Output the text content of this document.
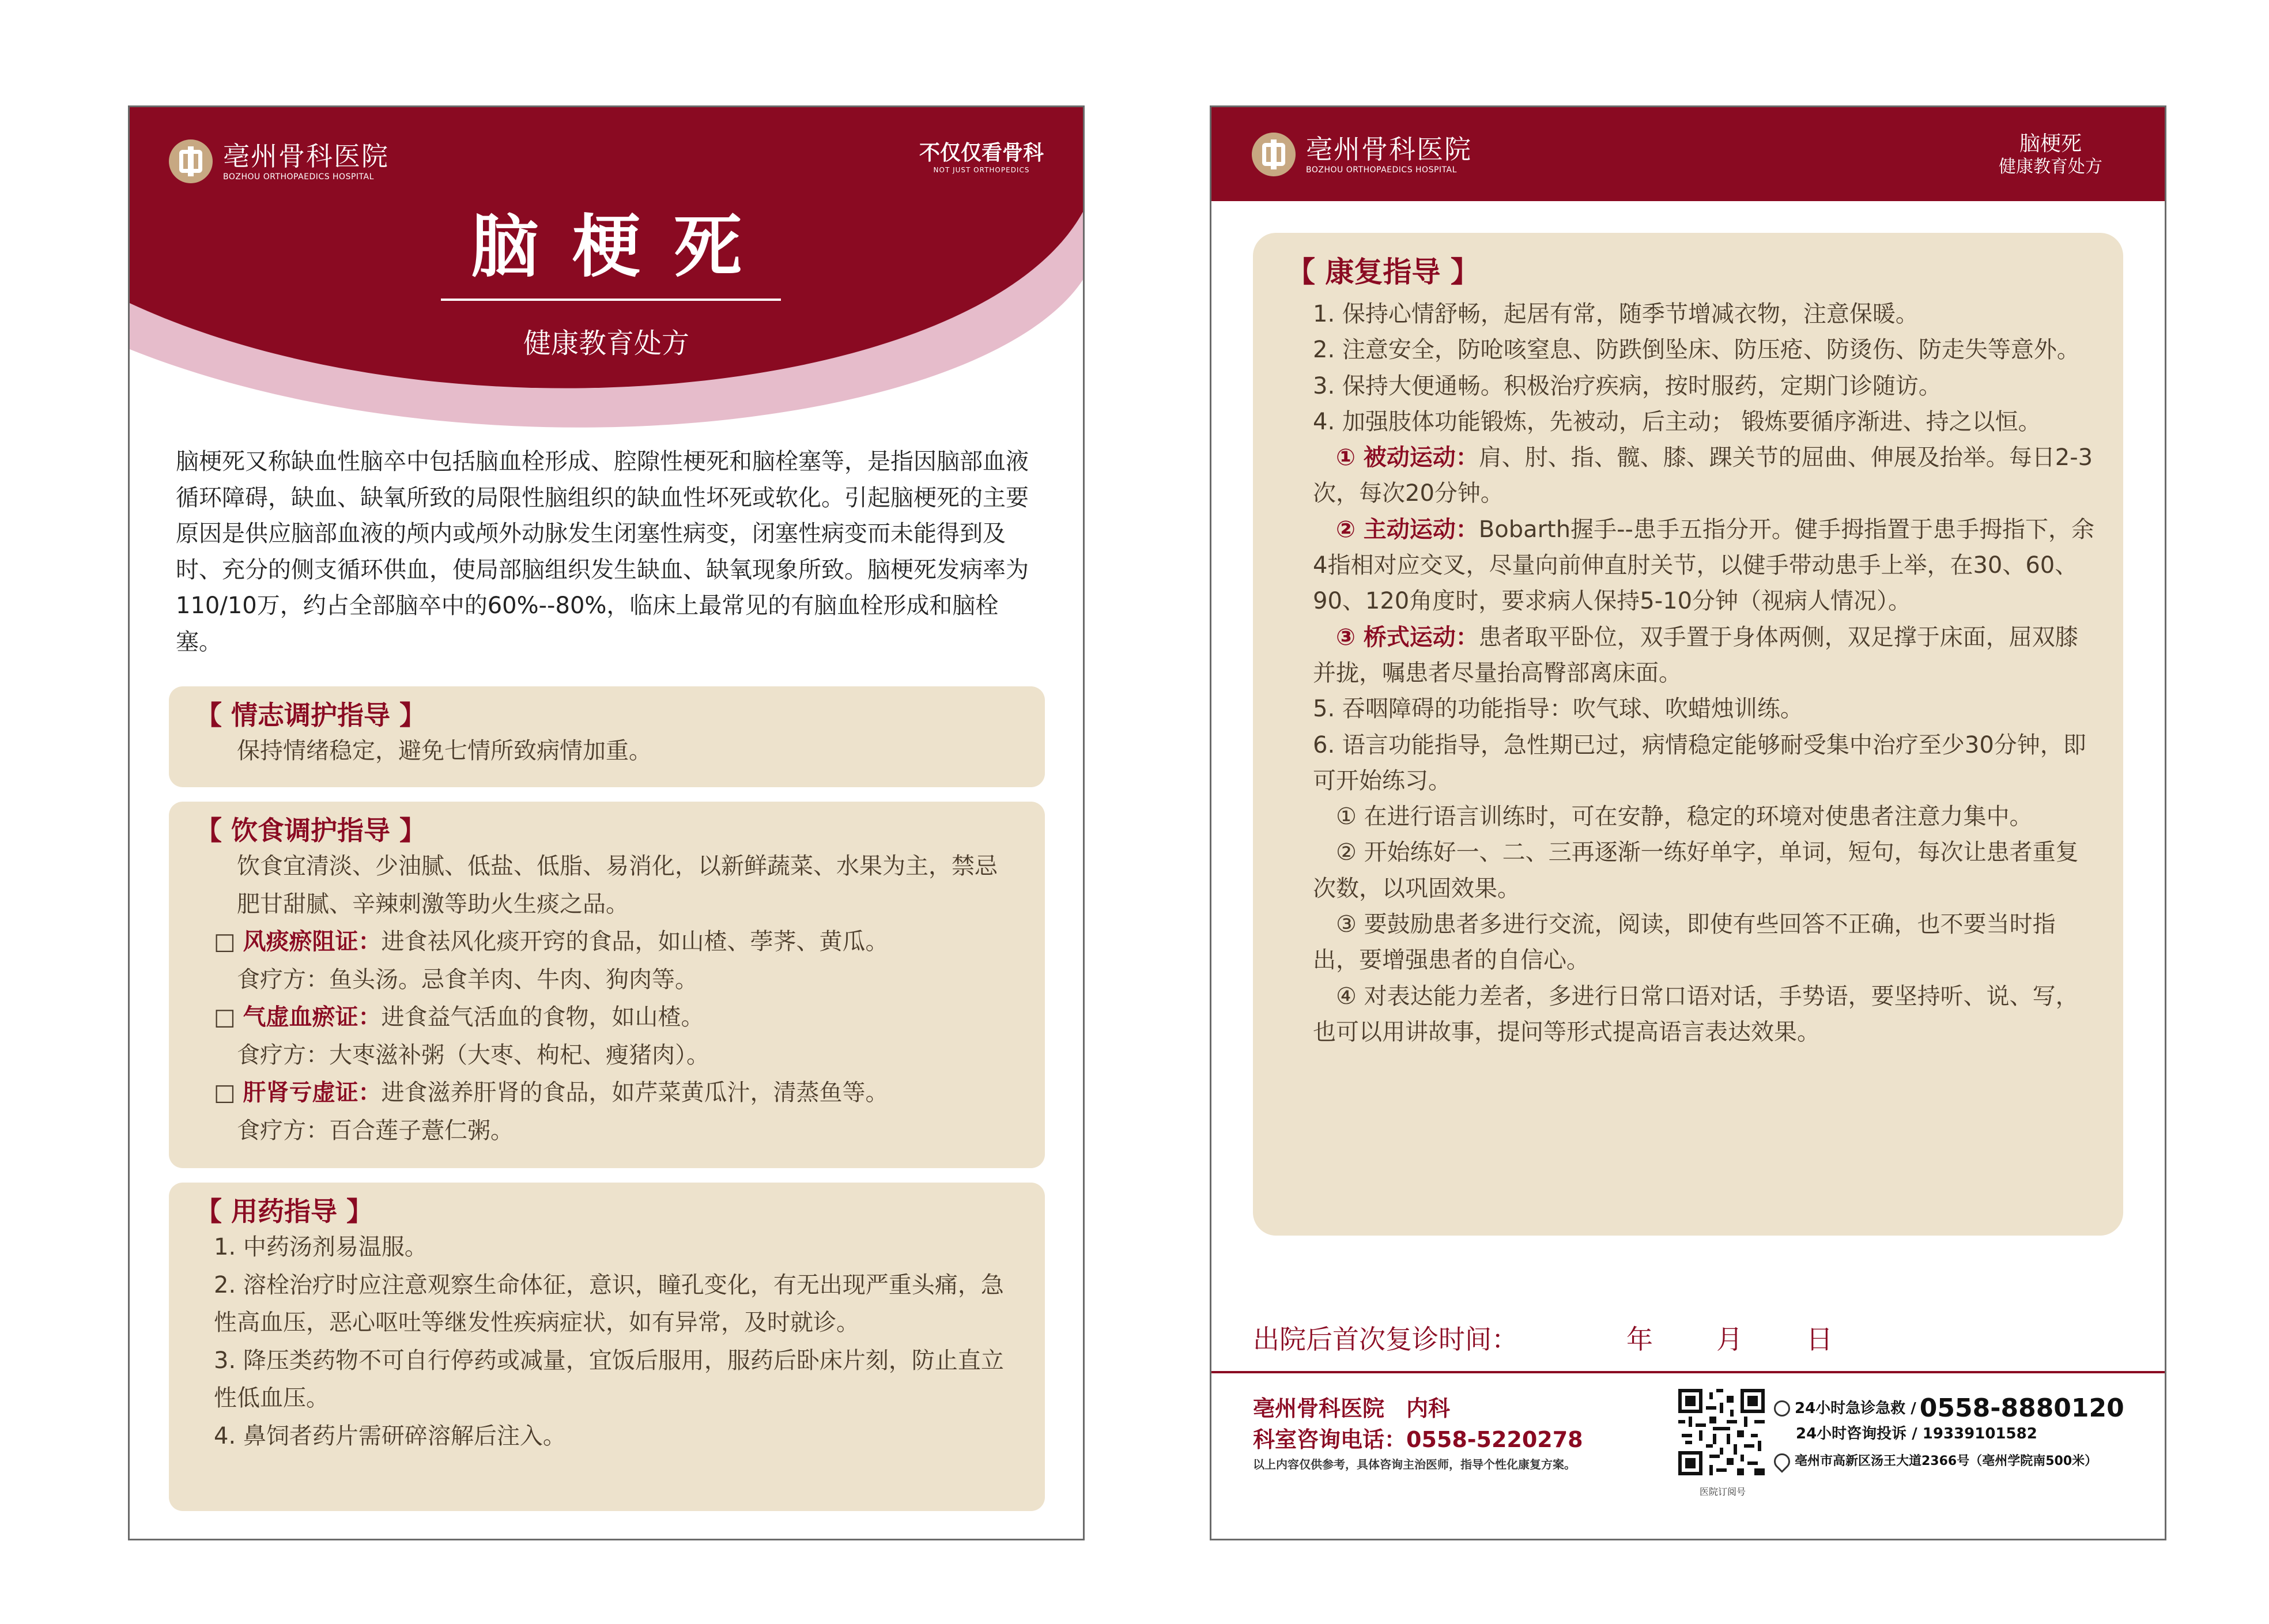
亳州骨科医院
BOZHOU ORTHOPAEDICS HOSPITAL
不仅仅看骨科
NOT JUST ORTHOPEDICS
脑梗死
健康教育处方

脑梗死又称缺血性脑卒中包括脑血栓形成、腔隙性梗死和脑栓塞等，是指因脑部血液循环障碍，缺血、缺氧所致的局限性脑组织的缺血性坏死或软化。引起脑梗死的主要原因是供应脑部血液的颅内或颅外动脉发生闭塞性病变，闭塞性病变而未能得到及时、充分的侧支循环供血，使局部脑组织发生缺血、缺氧现象所致。脑梗死发病率为110/10万，约占全部脑卒中的60%--80%，临床上最常见的有脑血栓形成和脑栓塞。

【 情志调护指导 】

保持情绪稳定，避免七情所致病情加重。

【 饮食调护指导 】

饮食宜清淡、少油腻、低盐、低脂、易消化，以新鲜蔬菜、水果为主，禁忌肥甘甜腻、辛辣刺激等助火生痰之品。

□ 风痰瘀阻证：进食祛风化痰开窍的食品，如山楂、荸荠、黄瓜。

食疗方：鱼头汤。忌食羊肉、牛肉、狗肉等。

□ 气虚血瘀证：进食益气活血的食物，如山楂。

食疗方：大枣滋补粥（大枣、枸杞、瘦猪肉）。

□ 肝肾亏虚证：进食滋养肝肾的食品，如芹菜黄瓜汁，清蒸鱼等。

食疗方：百合莲子薏仁粥。

【 用药指导 】

1. 中药汤剂易温服。

2. 溶栓治疗时应注意观察生命体征，意识，瞳孔变化，有无出现严重头痛，急性高血压，恶心呕吐等继发性疾病症状，如有异常，及时就诊。

3. 降压类药物不可自行停药或减量，宜饭后服用，服药后卧床片刻，防止直立性低血压。

4. 鼻饲者药片需研碎溶解后注入。

亳州骨科医院
BOZHOU ORTHOPAEDICS HOSPITAL
脑梗死
健康教育处方

【 康复指导 】

1. 保持心情舒畅，起居有常，随季节增减衣物，注意保暖。

2. 注意安全，防呛咳窒息、防跌倒坠床、防压疮、防烫伤、防走失等意外。

3. 保持大便通畅。积极治疗疾病，按时服药，定期门诊随访。

4. 加强肢体功能锻炼，先被动，后主动； 锻炼要循序渐进、持之以恒。

① 被动运动：肩、肘、指、髋、膝、踝关节的屈曲、伸展及抬举。每日2-3次，每次20分钟。

② 主动运动：Bobarth握手--患手五指分开。健手拇指置于患手拇指下，余4指相对应交叉，尽量向前伸直肘关节，以健手带动患手上举，在30、60、90、120角度时，要求病人保持5-10分钟（视病人情况）。

③ 桥式运动：患者取平卧位，双手置于身体两侧，双足撑于床面，屈双膝并拢，嘱患者尽量抬高臀部离床面。

5. 吞咽障碍的功能指导：吹气球、吹蜡烛训练。

6. 语言功能指导，急性期已过，病情稳定能够耐受集中治疗至少30分钟，即可开始练习。

① 在进行语言训练时，可在安静，稳定的环境对使患者注意力集中。

② 开始练好一、二、三再逐渐一练好单字，单词，短句，每次让患者重复次数，以巩固效果。

③ 要鼓励患者多进行交流，阅读，即使有些回答不正确，也不要当时指出，要增强患者的自信心。

④ 对表达能力差者，多进行日常口语对话，手势语，要坚持听、说、写，也可以用讲故事，提问等形式提高语言表达效果。

出院后首次复诊时间：	年 月 日
亳州骨科医院　内科
科室咨询电话：0558-5220278
以上内容仅供参考，具体咨询主治医师，指导个性化康复方案。
医院订阅号
24小时急诊急救 / 0558-8880120
24小时咨询投诉 / 19339101582
亳州市高新区汤王大道2366号（亳州学院南500米）
